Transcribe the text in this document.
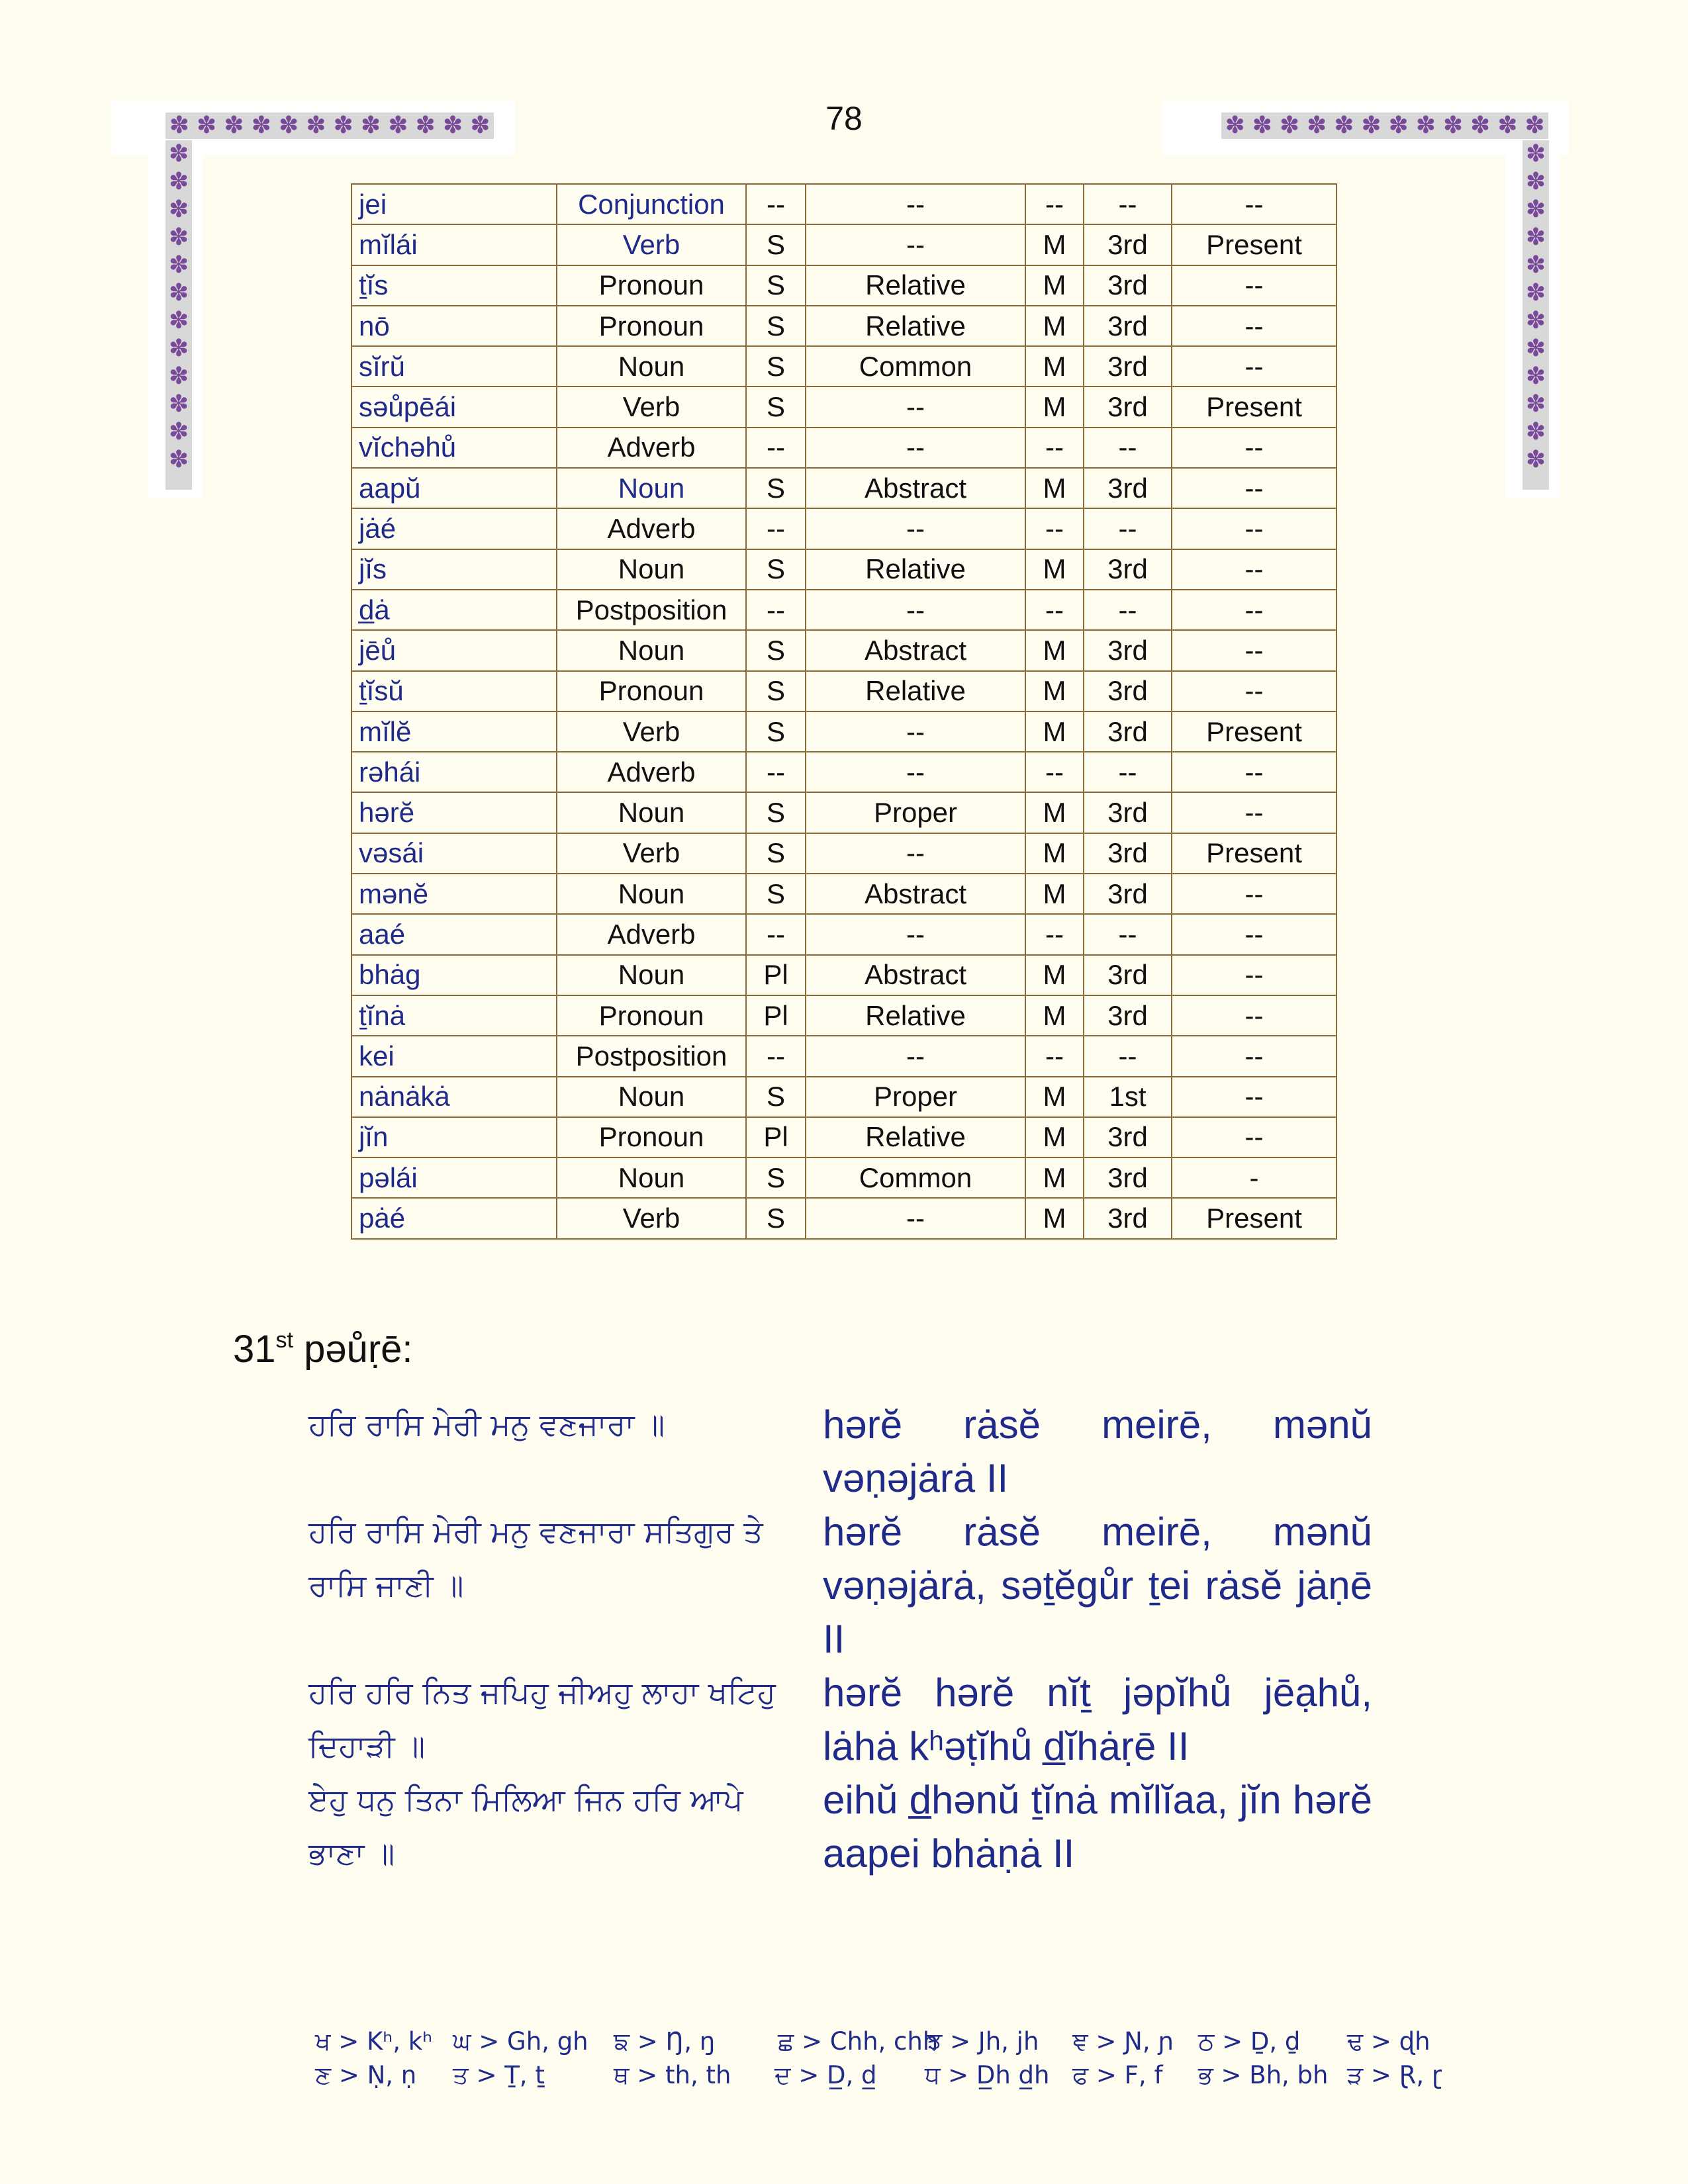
✽ ✽ ✽ ✽ ✽ ✽ ✽ ✽ ✽ ✽ ✽ ✽
✽
✽
✽
✽
✽
✽
✽
✽
✽
✽
✽
✽
✽ ✽ ✽ ✽ ✽ ✽ ✽ ✽ ✽ ✽ ✽ ✽
✽
✽
✽
✽
✽
✽
✽
✽
✽
✽
✽
✽
78
jei	Conjunction	--	--	--	--	--
mĭlái	Verb	S	--	M	3rd	Present
ṯĭs	Pronoun	S	Relative	M	3rd	--
nō	Pronoun	S	Relative	M	3rd	--
sĭrŭ	Noun	S	Common	M	3rd	--
səůpēái	Verb	S	--	M	3rd	Present
vĭchəhů	Adverb	--	--	--	--	--
aapŭ	Noun	S	Abstract	M	3rd	--
jȧé	Adverb	--	--	--	--	--
jĭs	Noun	S	Relative	M	3rd	--
d̲ȧ	Postposition	--	--	--	--	--
jēů	Noun	S	Abstract	M	3rd	--
ṯĭsŭ	Pronoun	S	Relative	M	3rd	--
mĭlĕ	Verb	S	--	M	3rd	Present
rəhái	Adverb	--	--	--	--	--
hərĕ	Noun	S	Proper	M	3rd	--
vəsái	Verb	S	--	M	3rd	Present
mənĕ	Noun	S	Abstract	M	3rd	--
aaé	Adverb	--	--	--	--	--
bhȧg	Noun	Pl	Abstract	M	3rd	--
ṯĭnȧ	Pronoun	Pl	Relative	M	3rd	--
kei	Postposition	--	--	--	--	--
nȧnȧkȧ	Noun	S	Proper	M	1st	--
jĭn	Pronoun	Pl	Relative	M	3rd	--
pəlái	Noun	S	Common	M	3rd	-
pȧé	Verb	S	--	M	3rd	Present
31st pəůṛē:
ਹਰਿ ਰਾਸਿ ਮੇਰੀ ਮਨੁ ਵਣਜਾਰਾ ॥	hərĕ rȧsĕ meirē, mənŭ vəṇəjȧrȧ II
ਹਰਿ ਰਾਸਿ ਮੇਰੀ ਮਨੁ ਵਣਜਾਰਾ ਸਤਿਗੁਰ ਤੇ ਰਾਸਿ ਜਾਣੀ ॥
hərĕ rȧsĕ meirē, mənŭ vəṇəjȧrȧ, səṯĕgůr ṯei rȧsĕ jȧṇē II
ਹਰਿ ਹਰਿ ਨਿਤ ਜਪਿਹੁ ਜੀਅਹੁ ਲਾਹਾ ਖਟਿਹੁ ਦਿਹਾੜੀ ॥
hərĕ hərĕ nĭṯ jəpĭhů jēạhů, lȧhȧ kʰəṭĭhů d̲ĭhȧṛē II
ਏਹੁ ਧਨੁ ਤਿਨਾ ਮਿਲਿਆ ਜਿਨ ਹਰਿ ਆਪੇ ਭਾਣਾ ॥
eihŭ d̲hənŭ ṯĭnȧ mĭlĭaa, jĭn hərĕ aapei bhȧṇȧ II
ਖ > Kʰ, kʰ ਘ > Gh, gh ਙ > Ŋ, ŋ	ਛ > Chh, chh
ਝ > Jh, jh ਞ > Ɲ, ɲ ਠ > Ḏ, ḏ ਢ > ɖh
ਣ > Ṇ, ṇ ਤ > Ṯ, ṯ	ਥ > th, th ਦ > D̲, d̲ ਧ > D̲h d̲h ਫ > F, f ਭ > Bh, bh ੜ > Ɽ, ɽ
